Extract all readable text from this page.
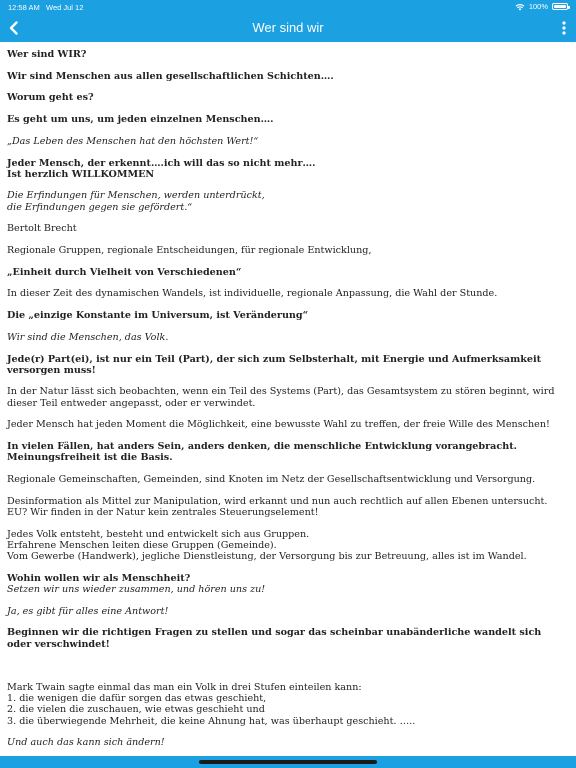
12:58 AM Wed Jul 12	100%
Wer sind wir

Wer sind WIR?

Wir sind Menschen aus allen gesellschaftlichen Schichten….

Worum geht es?

Es geht um uns, um jeden einzelnen Menschen….

„Das Leben des Menschen hat den höchsten Wert!“

Jeder Mensch, der erkennt….ich will das so nicht mehr….
Ist herzlich WILLKOMMEN

Die Erfindungen für Menschen, werden unterdrückt,
die Erfindungen gegen sie gefördert.“

Bertolt Brecht

Regionale Gruppen, regionale Entscheidungen, für regionale Entwicklung,

„Einheit durch Vielheit von Verschiedenen“

In dieser Zeit des dynamischen Wandels, ist individuelle, regionale Anpassung, die Wahl der Stunde.

Die „einzige Konstante im Universum, ist Veränderung“

Wir sind die Menschen, das Volk.

Jede(r) Part(ei), ist nur ein Teil (Part), der sich zum Selbsterhalt, mit Energie und Aufmerksamkeit versorgen muss!

In der Natur lässt sich beobachten, wenn ein Teil des Systems (Part), das Gesamtsystem zu stören beginnt, wird dieser Teil entweder angepasst, oder er verwindet.

Jeder Mensch hat jeden Moment die Möglichkeit, eine bewusste Wahl zu treffen, der freie Wille des Menschen!

In vielen Fällen, hat anders Sein, anders denken, die menschliche Entwicklung vorangebracht. Meinungsfreiheit ist die Basis.

Regionale Gemeinschaften, Gemeinden, sind Knoten im Netz der Gesellschaftsentwicklung und Versorgung.

Desinformation als Mittel zur Manipulation, wird erkannt und nun auch rechtlich auf allen Ebenen untersucht.
EU? Wir finden in der Natur kein zentrales Steuerungselement!

Jedes Volk entsteht, besteht und entwickelt sich aus Gruppen.
Erfahrene Menschen leiten diese Gruppen (Gemeinde).
Vom Gewerbe (Handwerk), jegliche Dienstleistung, der Versorgung bis zur Betreuung, alles ist im Wandel.

Wohin wollen wir als Menschheit?
Setzen wir uns wieder zusammen, und hören uns zu!

Ja, es gibt für alles eine Antwort!

Beginnen wir die richtigen Fragen zu stellen und sogar das scheinbar unabänderliche wandelt sich oder verschwindet!

Mark Twain sagte einmal das man ein Volk in drei Stufen einteilen kann:
1. die wenigen die dafür sorgen das etwas geschieht,
2. die vielen die zuschauen, wie etwas geschieht und
3. die überwiegende Mehrheit, die keine Ahnung hat, was überhaupt geschieht. …..

Und auch das kann sich ändern!
